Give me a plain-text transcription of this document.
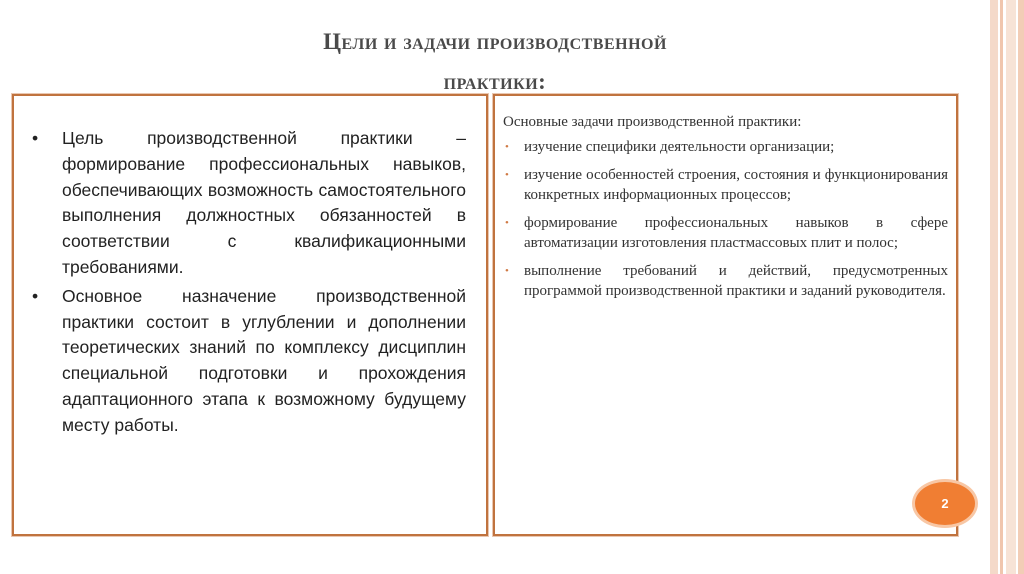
Цели и задачи производственной
практики:
• Цель производственной практики – формирование профессиональных навыков, обеспечивающих возможность самостоятельного выполнения должностных обязанностей в соответствии с квалификационными требованиями.
• Основное назначение производственной практики состоит в углублении и дополнении теоретических знаний по комплексу дисциплин специальной подготовки и прохождения адаптационного этапа к возможному будущему месту работы.
Основные задачи производственной практики:
• изучение специфики деятельности организации;
• изучение особенностей строения, состояния и функционирования конкретных информационных процессов;
• формирование профессиональных навыков в сфере автоматизации изготовления пластмассовых плит и полос;
• выполнение требований и действий, предусмотренных программой производственной практики и заданий руководителя.
2
